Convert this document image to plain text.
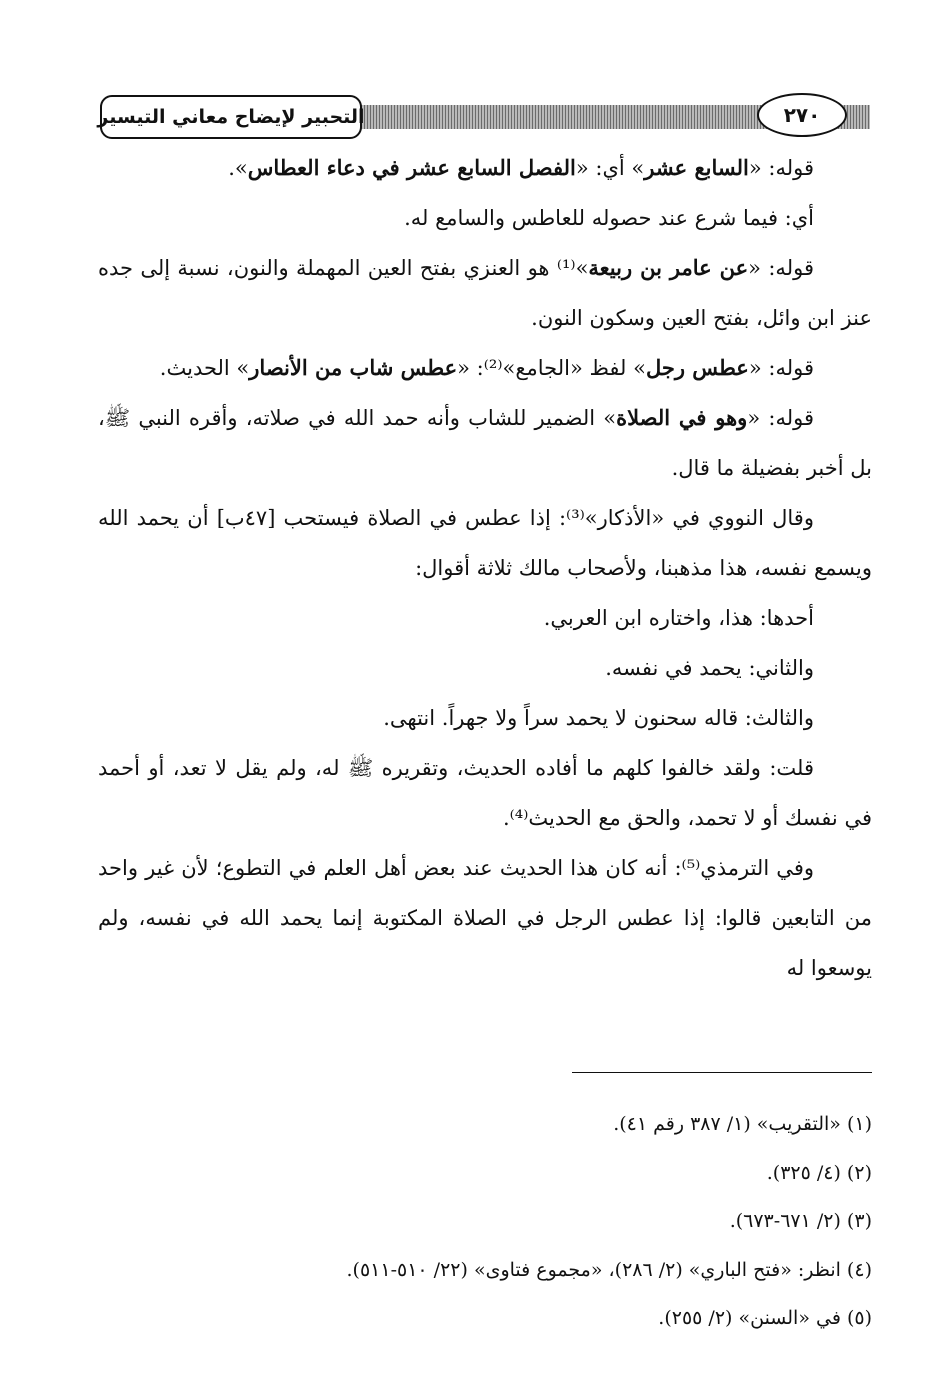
التحبير لإيضاح معاني التيسير	٢٧٠

قوله: «السابع عشر» أي: «الفصل السابع عشر في دعاء العطاس».

أي: فيما شرع عند حصوله للعاطس والسامع له.

قوله: «عن عامر بن ربيعة»⁽¹⁾ هو العنزي بفتح العين المهملة والنون، نسبة إلى جده عنز ابن وائل، بفتح العين وسكون النون.

قوله: «عطس رجل» لفظ «الجامع»⁽²⁾: «عطس شاب من الأنصار» الحديث.

قوله: «وهو في الصلاة» الضمير للشاب وأنه حمد الله في صلاته، وأقره النبي ﷺ، بل أخبر بفضيلة ما قال.

وقال النووي في «الأذكار»⁽³⁾: إذا عطس في الصلاة فيستحب [٤٧ب] أن يحمد الله ويسمع نفسه، هذا مذهبنا، ولأصحاب مالك ثلاثة أقوال:

أحدها: هذا، واختاره ابن العربي.

والثاني: يحمد في نفسه.

والثالث: قاله سحنون لا يحمد سراً ولا جهراً. انتهى.

قلت: ولقد خالفوا كلهم ما أفاده الحديث، وتقريره ﷺ له، ولم يقل لا تعد، أو أحمد في نفسك أو لا تحمد، والحق مع الحديث⁽⁴⁾.

وفي الترمذي⁽⁵⁾: أنه كان هذا الحديث عند بعض أهل العلم في التطوع؛ لأن غير واحد من التابعين قالوا: إذا عطس الرجل في الصلاة المكتوبة إنما يحمد الله في نفسه، ولم يوسعوا له

(١) «التقريب» (١/ ٣٨٧ رقم ٤١).

(٢) (٤/ ٣٢٥).

(٣) (٢/ ٦٧١-٦٧٣).

(٤) انظر: «فتح الباري» (٢/ ٢٨٦)، «مجموع فتاوى» (٢٢/ ٥١٠-٥١١).

(٥) في «السنن» (٢/ ٢٥٥).
